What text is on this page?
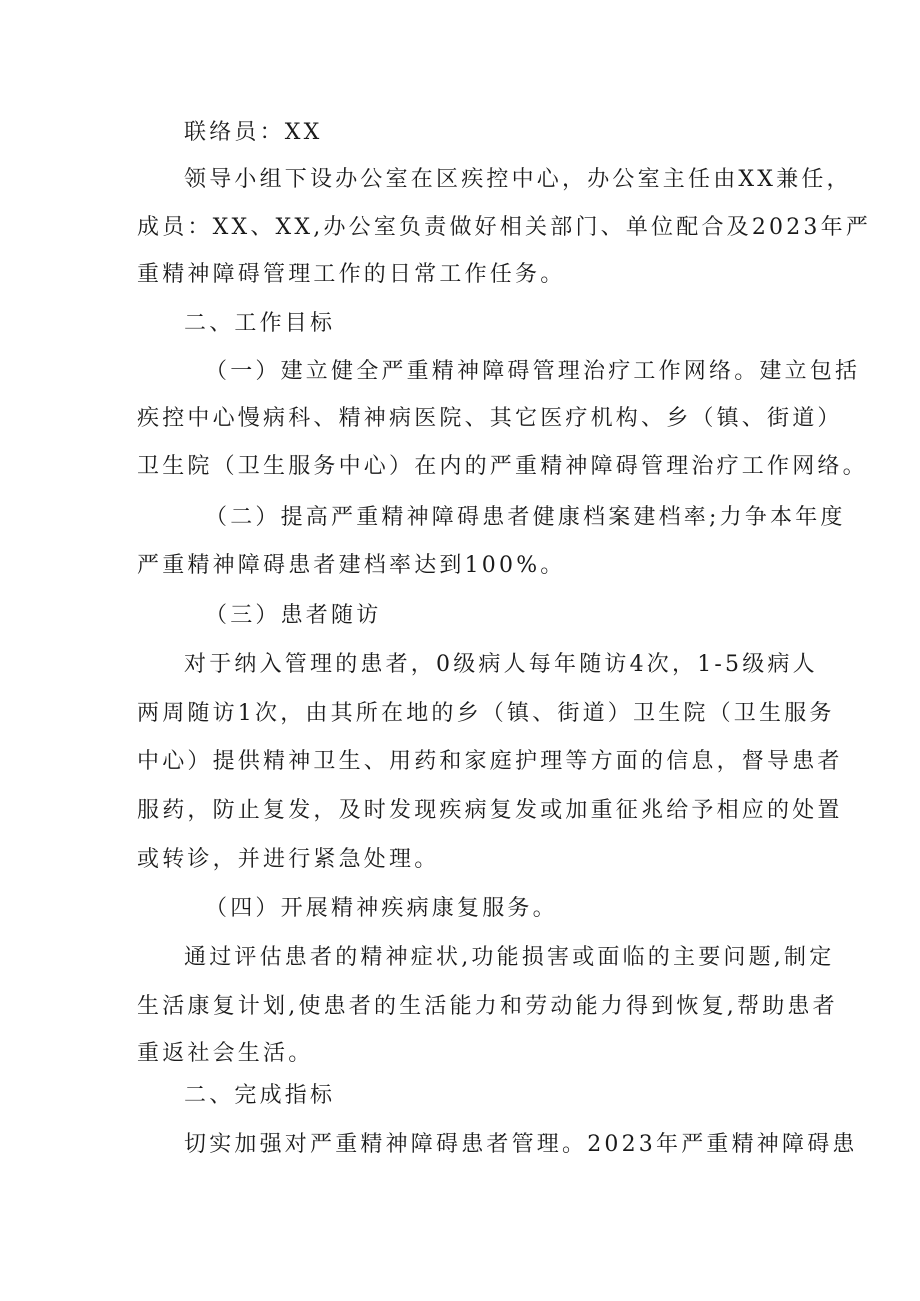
联络员：XX
领导小组下设办公室在区疾控中心，办公室主任由XX兼任，
成员：XX、XX,办公室负责做好相关部门、单位配合及2023年严
重精神障碍管理工作的日常工作任务。
二、工作目标
（一）建立健全严重精神障碍管理治疗工作网络。建立包括
疾控中心慢病科、精神病医院、其它医疗机构、乡（镇、街道）
卫生院（卫生服务中心）在内的严重精神障碍管理治疗工作网络。
（二）提高严重精神障碍患者健康档案建档率;力争本年度
严重精神障碍患者建档率达到100%。
（三）患者随访
对于纳入管理的患者，0级病人每年随访4次，1-5级病人
两周随访1次，由其所在地的乡（镇、街道）卫生院（卫生服务
中心）提供精神卫生、用药和家庭护理等方面的信息，督导患者
服药，防止复发，及时发现疾病复发或加重征兆给予相应的处置
或转诊，并进行紧急处理。
（四）开展精神疾病康复服务。
通过评估患者的精神症状,功能损害或面临的主要问题,制定
生活康复计划,使患者的生活能力和劳动能力得到恢复,帮助患者
重返社会生活。
二、完成指标
切实加强对严重精神障碍患者管理。2023年严重精神障碍患
